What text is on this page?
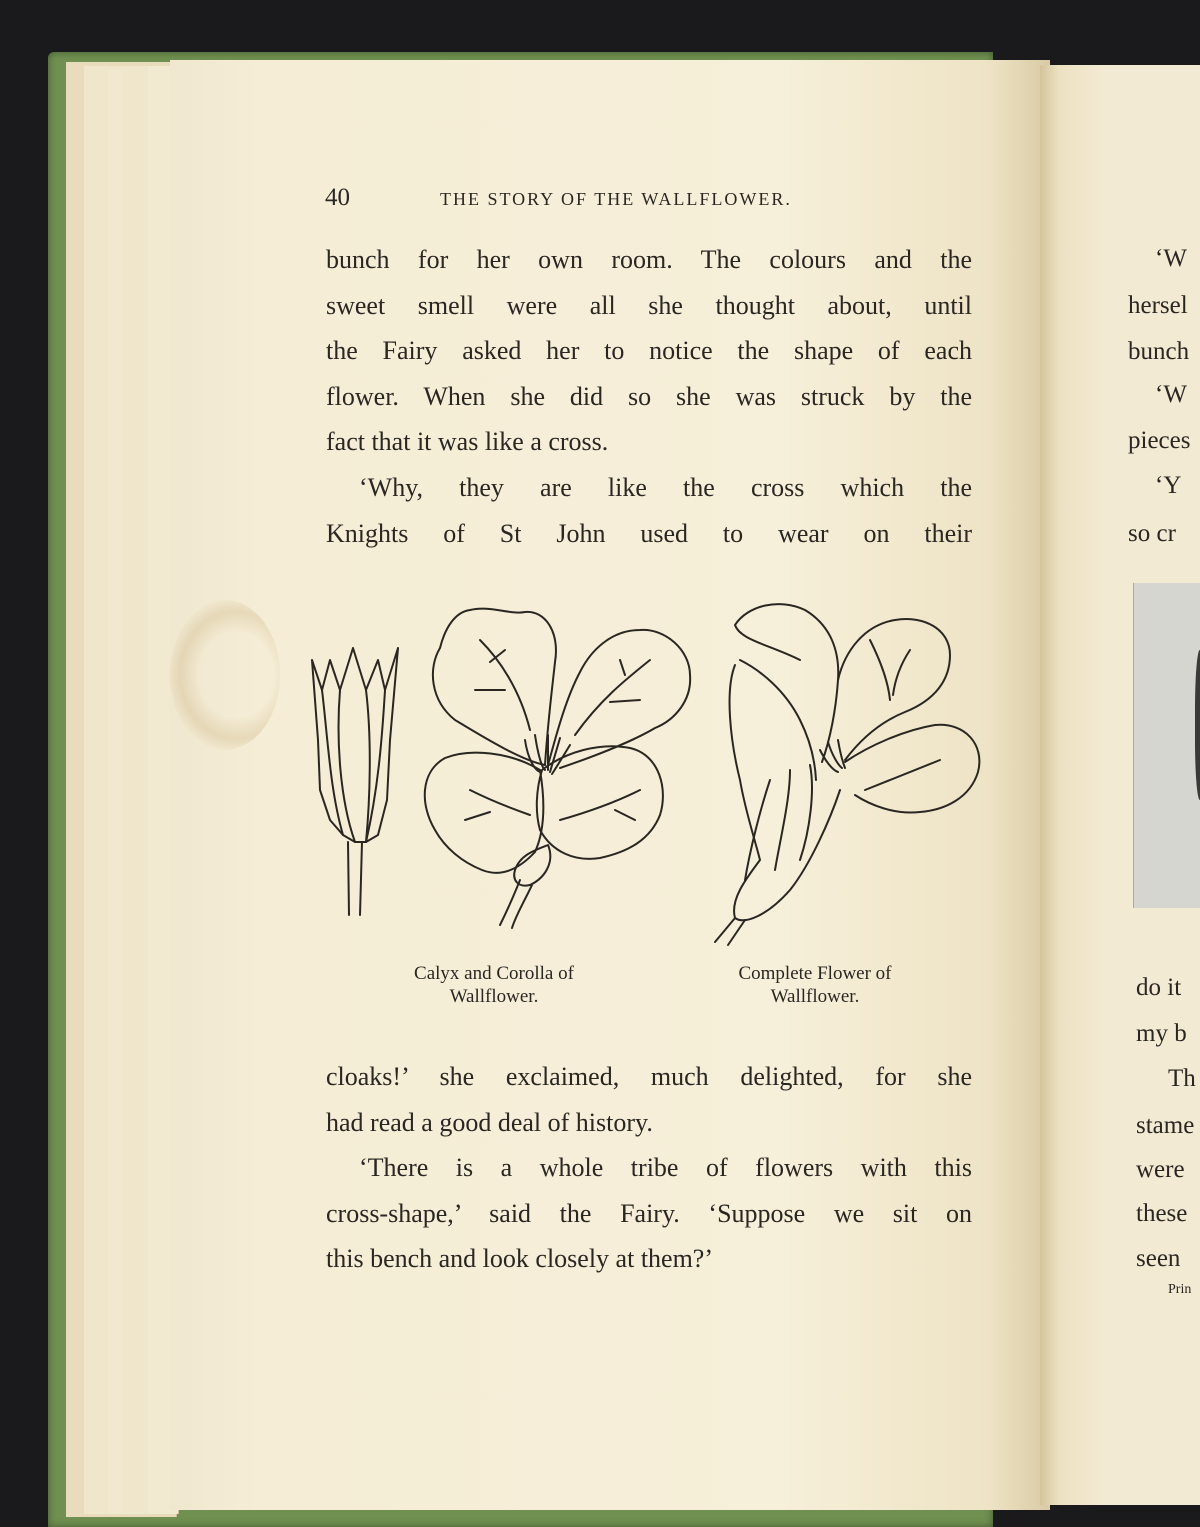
40	THE STORY OF THE WALLFLOWER.
bunch for her own room. The colours and the
sweet smell were all she thought about, until
the Fairy asked her to notice the shape of each
flower. When she did so she was struck by the
fact that it was like a cross.
‘Why, they are like the cross which the
Knights of St John used to wear on their
Calyx and Corolla of
Wallflower.
Complete Flower of
Wallflower.
cloaks!’ she exclaimed, much delighted, for she
had read a good deal of history.
‘There is a whole tribe of flowers with this
cross-shape,’ said the Fairy. ‘Suppose we sit on
this bench and look closely at them?’
‘W
hersel
bunch
‘W
pieces
‘Y
so cr
do it
my b
Th
stame
were
these
seen
Prin
